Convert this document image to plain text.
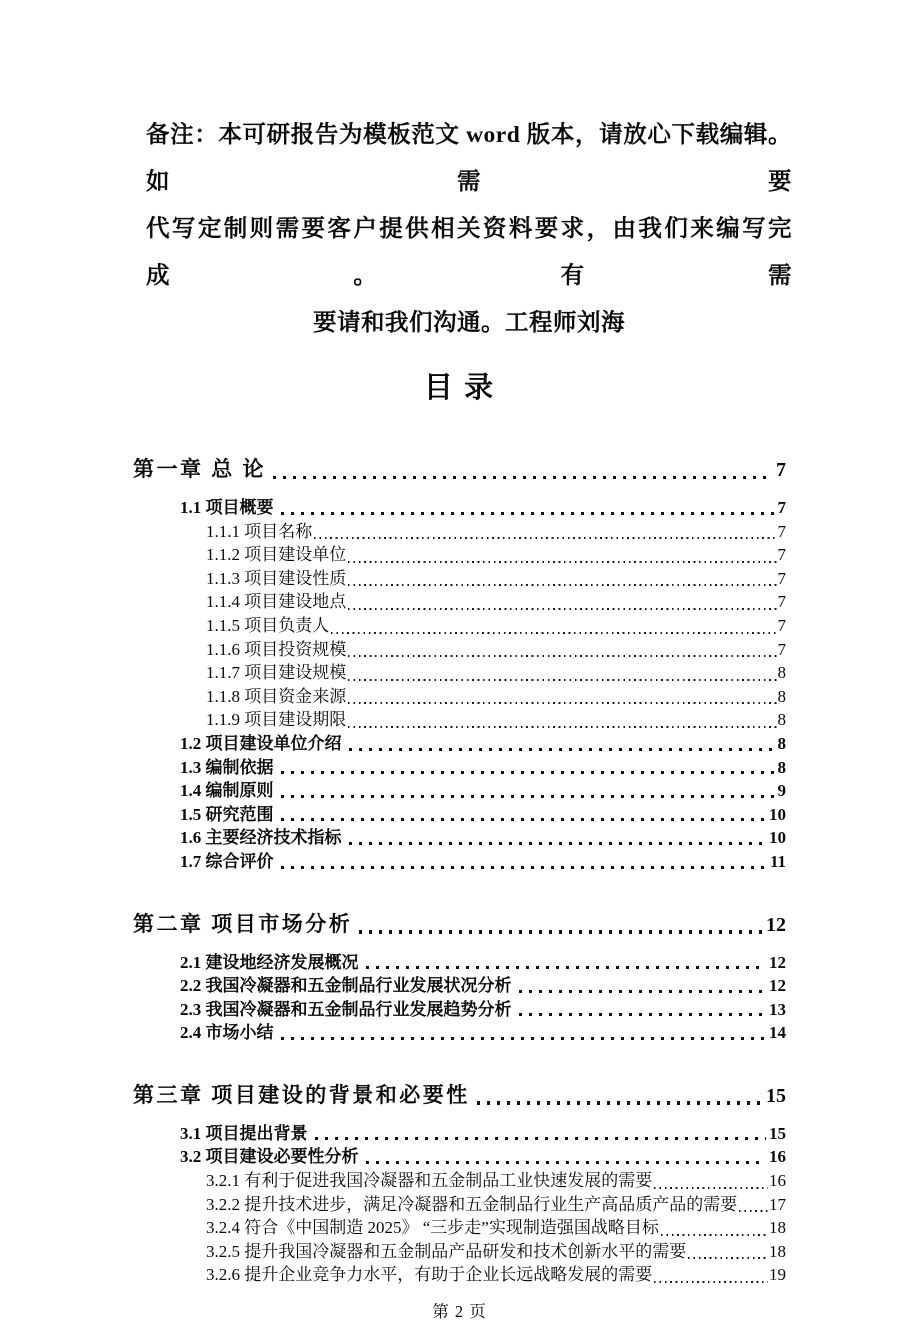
备注：本可研报告为模板范文 word 版本，请放心下载编辑。如需要
代写定制则需要客户提供相关资料要求，由我们来编写完成。有需
要请和我们沟通。工程师刘海
目 录
第一章 总 论	7
1.1 项目概要	7
1.1.1 项目名称	7
1.1.2 项目建设单位	7
1.1.3 项目建设性质	7
1.1.4 项目建设地点	7
1.1.5 项目负责人	7
1.1.6 项目投资规模	7
1.1.7 项目建设规模	8
1.1.8 项目资金来源	8
1.1.9 项目建设期限	8
1.2 项目建设单位介绍	8
1.3 编制依据	8
1.4 编制原则	9
1.5 研究范围	10
1.6 主要经济技术指标	10
1.7 综合评价	11
第二章 项目市场分析	12
2.1 建设地经济发展概况	12
2.2 我国冷凝器和五金制品行业发展状况分析	12
2.3 我国冷凝器和五金制品行业发展趋势分析	13
2.4 市场小结	14
第三章 项目建设的背景和必要性	15
3.1 项目提出背景	15
3.2 项目建设必要性分析	16
3.2.1 有利于促进我国冷凝器和五金制品工业快速发展的需要	16
3.2.2 提升技术进步，满足冷凝器和五金制品行业生产高品质产品的需要 17
3.2.4 符合《中国制造 2025》 “三步走”实现制造强国战略目标	18
3.2.5 提升我国冷凝器和五金制品产品研发和技术创新水平的需要	18
3.2.6 提升企业竞争力水平，有助于企业长远战略发展的需要	19
第 2 页
